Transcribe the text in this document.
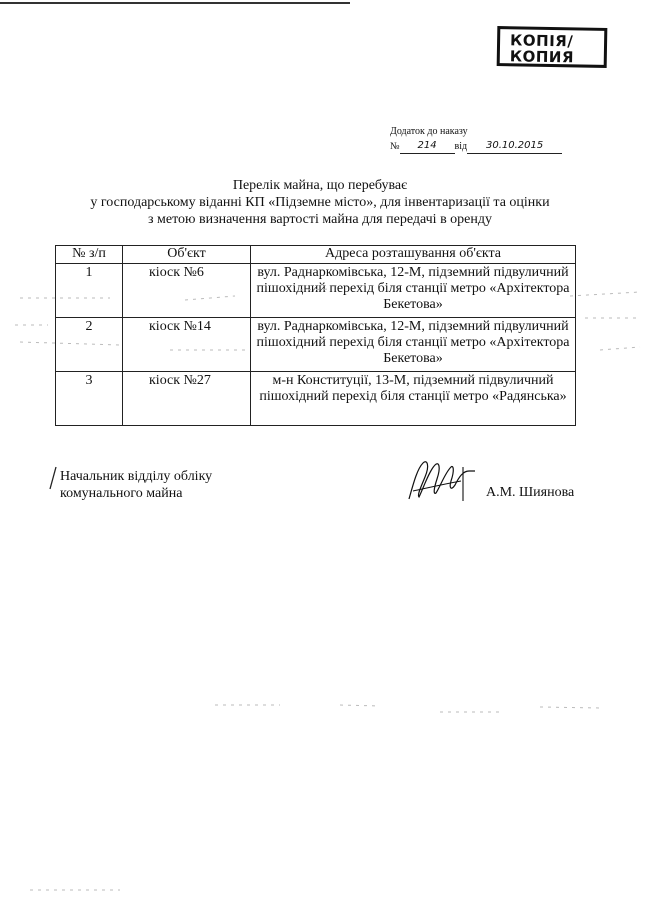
КОПІЯ/
КОПИЯ
Додаток до наказу
№	214	від	30.10.2015
Перелік майна, що перебуває
у господарському віданні КП «Підземне місто», для інвентаризації та оцінки
з метою визначення вартості майна для передачі в оренду
№ з/п	Об'єкт	Адреса розташування об'єкта
1	кіоск №6	вул. Раднаркомівська, 12-М, підземний підвуличний пішохідний перехід біля станції метро «Архітектора Бекетова»
2	кіоск №14	вул. Раднаркомівська, 12-М, підземний підвуличний пішохідний перехід біля станції метро «Архітектора Бекетова»
3	кіоск №27	м-н Конституції, 13-М, підземний підвуличний пішохідний перехід біля станції метро «Радянська»
Начальник відділу обліку
комунального майна	А.М. Шиянова
